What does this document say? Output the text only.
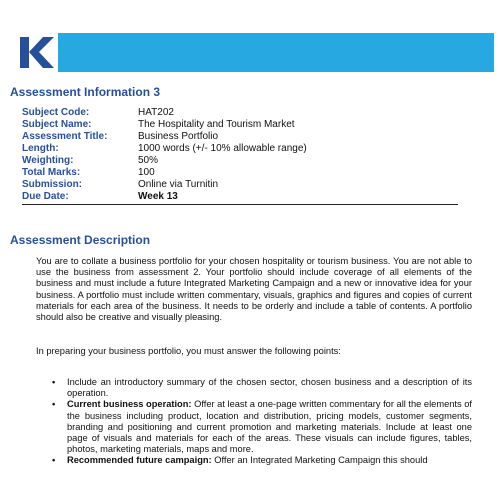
Assessment Information 3
Subject Code:	HAT202
Subject Name:	The Hospitality and Tourism Market
Assessment Title:	Business Portfolio
Length:	1000 words (+/- 10% allowable range)
Weighting:	50%
Total Marks:	100
Submission:	Online via Turnitin
Due Date:	Week 13
Assessment Description

You are to collate a business portfolio for your chosen hospitality or tourism business. You are not able to use the business from assessment 2. Your portfolio should include coverage of all elements of the business and must include a future Integrated Marketing Campaign and a new or innovative idea for your business. A portfolio must include written commentary, visuals, graphics and figures and copies of current materials for each area of the business. It needs to be orderly and include a table of contents. A portfolio should also be creative and visually pleasing.

In preparing your business portfolio, you must answer the following points:

• Include an introductory summary of the chosen sector, chosen business and a description of its operation.
• Current business operation: Offer at least a one-page written commentary for all the elements of the business including product, location and distribution, pricing models, customer segments, branding and positioning and current promotion and marketing materials. Include at least one page of visuals and materials for each of the areas. These visuals can include figures, tables, photos, marketing materials, maps and more.
• Recommended future campaign: Offer an Integrated Marketing Campaign this should
